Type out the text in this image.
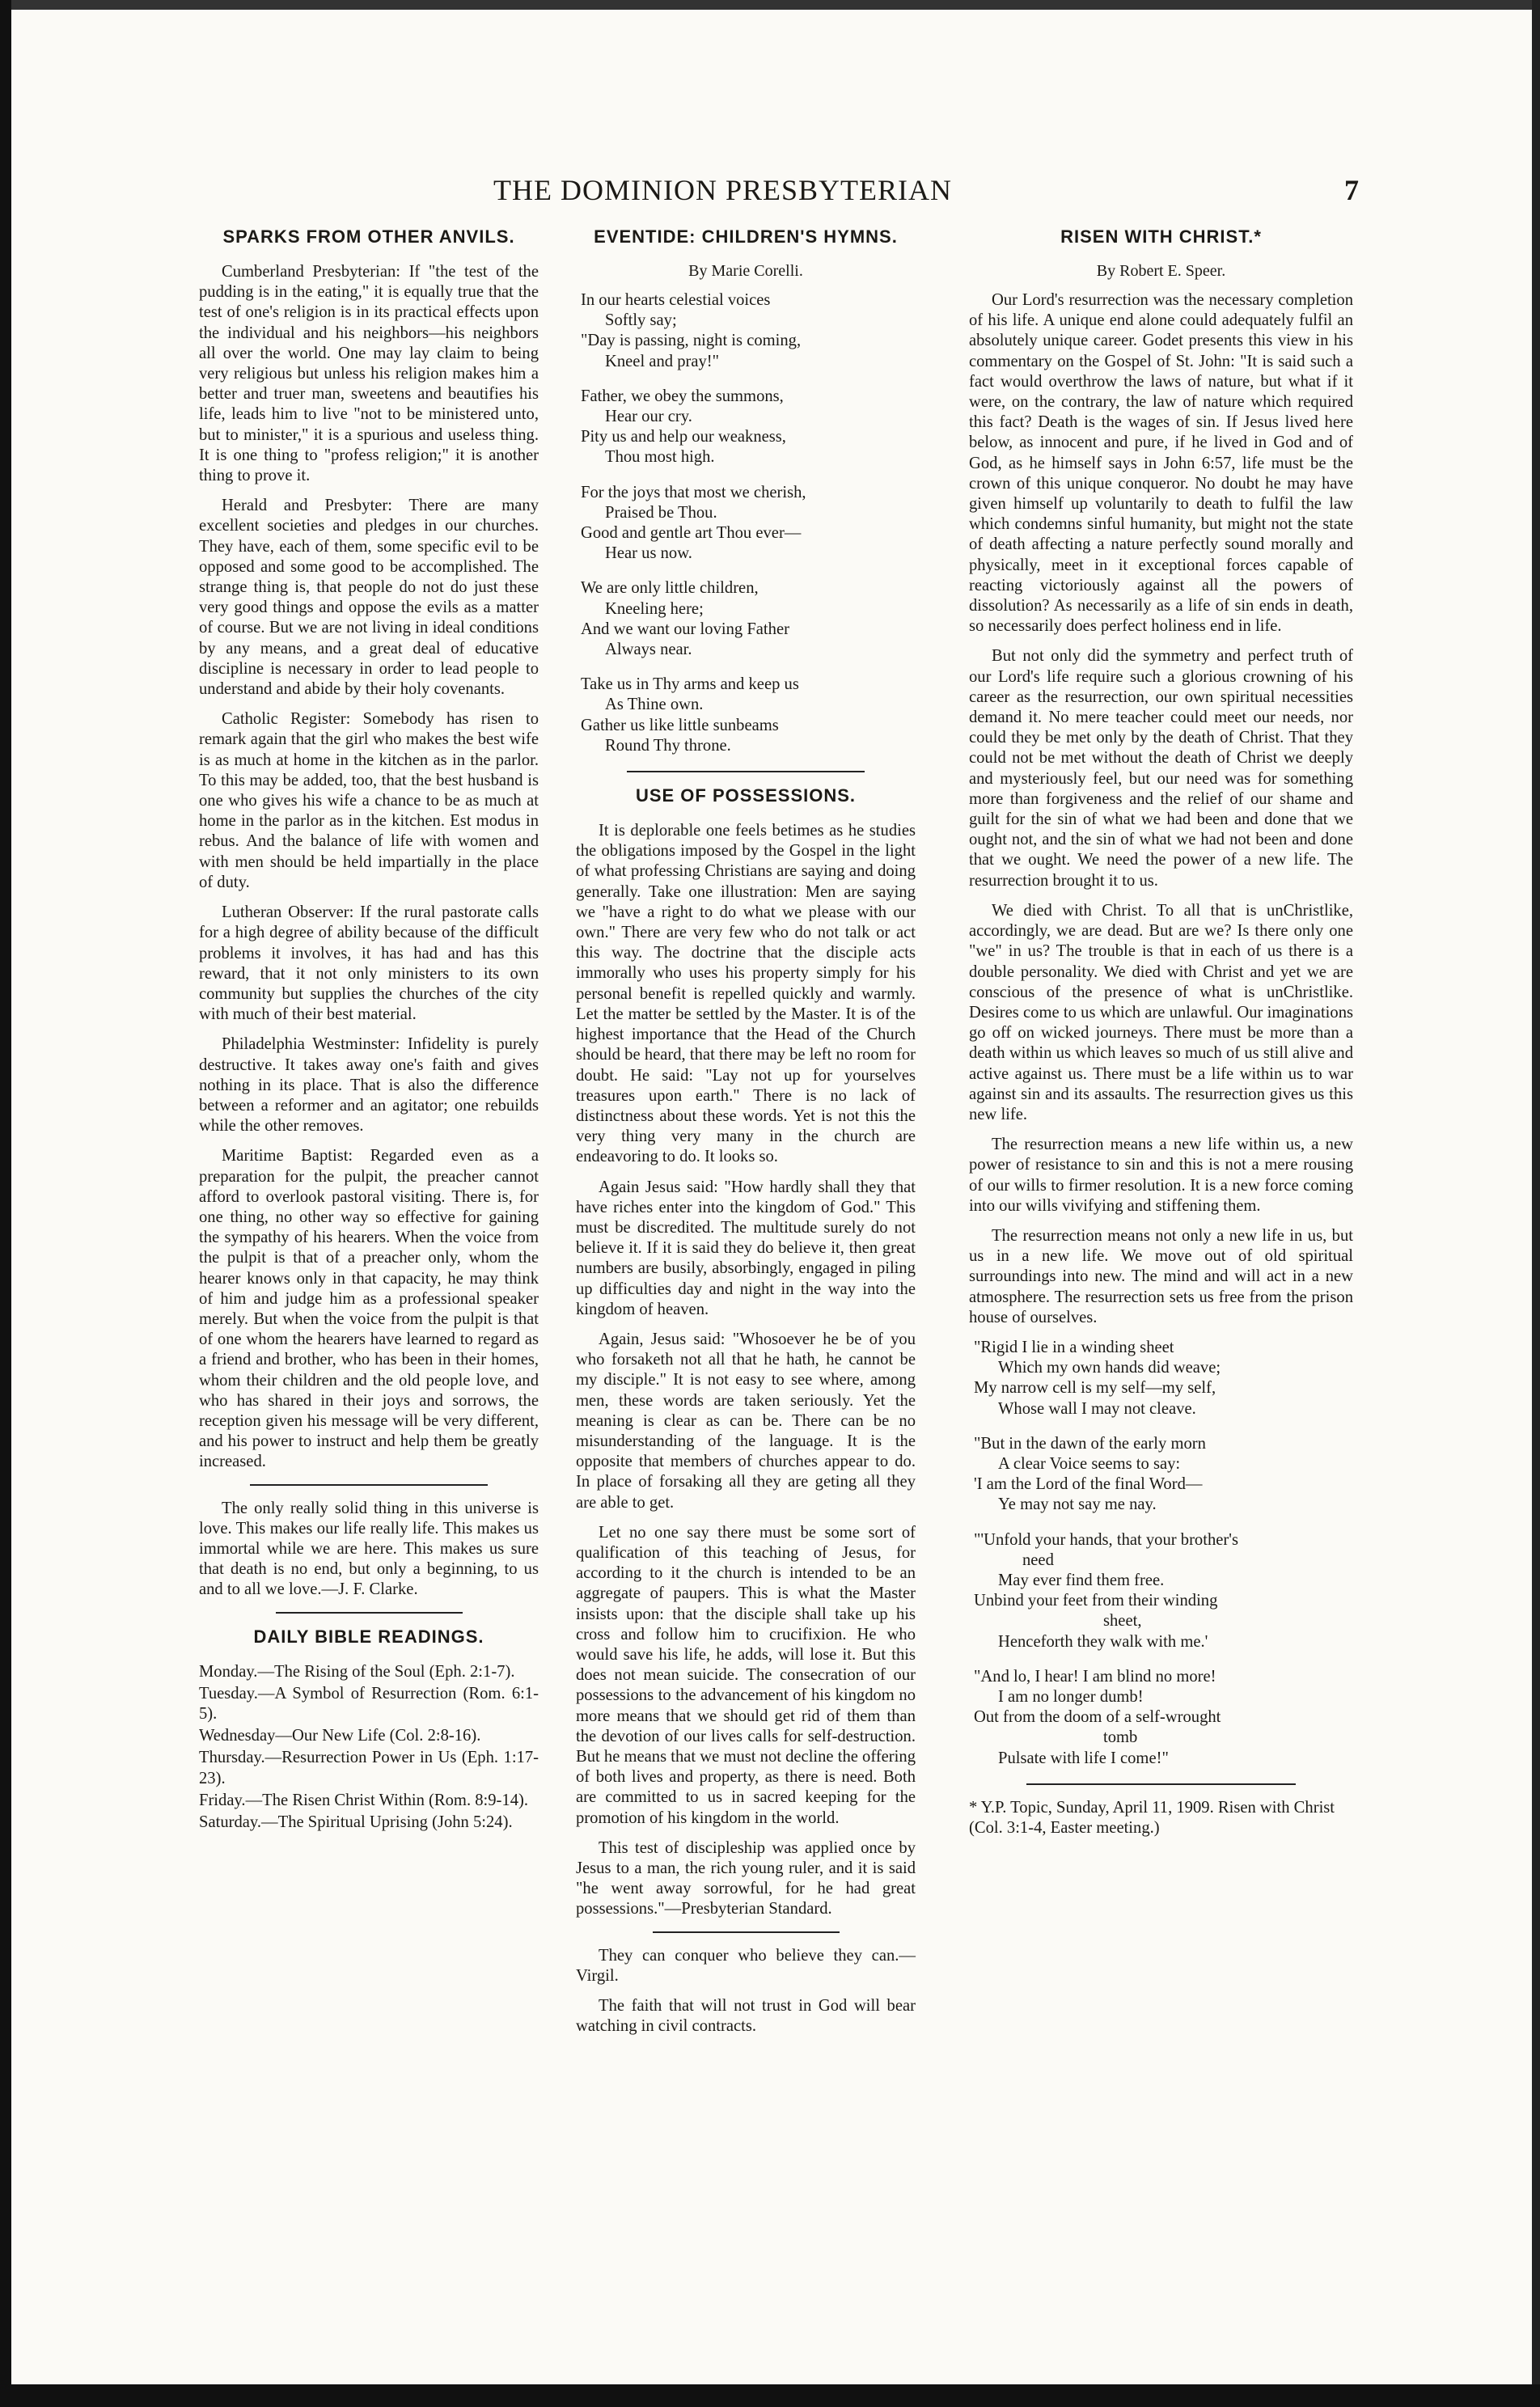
THE DOMINION PRESBYTERIAN	7
SPARKS FROM OTHER ANVILS.

Cumberland Presbyterian: If "the test of the pudding is in the eating," it is equally true that the test of one's religion is in its practical effects upon the individual and his neighbors—his neighbors all over the world. One may lay claim to being very religious but unless his religion makes him a better and truer man, sweetens and beautifies his life, leads him to live "not to be ministered unto, but to minister," it is a spurious and useless thing. It is one thing to "profess religion;" it is another thing to prove it.

Herald and Presbyter: There are many excellent societies and pledges in our churches. They have, each of them, some specific evil to be opposed and some good to be accomplished. The strange thing is, that people do not do just these very good things and oppose the evils as a matter of course. But we are not living in ideal conditions by any means, and a great deal of educative discipline is necessary in order to lead people to understand and abide by their holy covenants.

Catholic Register: Somebody has risen to remark again that the girl who makes the best wife is as much at home in the kitchen as in the parlor. To this may be added, too, that the best husband is one who gives his wife a chance to be as much at home in the parlor as in the kitchen. Est modus in rebus. And the balance of life with women and with men should be held impartially in the place of duty.

Lutheran Observer: If the rural pastorate calls for a high degree of ability because of the difficult problems it involves, it has had and has this reward, that it not only ministers to its own community but supplies the churches of the city with much of their best material.

Philadelphia Westminster: Infidelity is purely destructive. It takes away one's faith and gives nothing in its place. That is also the difference between a reformer and an agitator; one rebuilds while the other removes.

Maritime Baptist: Regarded even as a preparation for the pulpit, the preacher cannot afford to overlook pastoral visiting. There is, for one thing, no other way so effective for gaining the sympathy of his hearers. When the voice from the pulpit is that of a preacher only, whom the hearer knows only in that capacity, he may think of him and judge him as a professional speaker merely. But when the voice from the pulpit is that of one whom the hearers have learned to regard as a friend and brother, who has been in their homes, whom their children and the old people love, and who has shared in their joys and sorrows, the reception given his message will be very different, and his power to instruct and help them be greatly increased.

The only really solid thing in this universe is love. This makes our life really life. This makes us immortal while we are here. This makes us sure that death is no end, but only a beginning, to us and to all we love.—J. F. Clarke.

DAILY BIBLE READINGS.
Monday.—The Rising of the Soul (Eph. 2:1-7).
Tuesday.—A Symbol of Resurrection (Rom. 6:1-5).
Wednesday—Our New Life (Col. 2:8-16).
Thursday.—Resurrection Power in Us (Eph. 1:17-23).
Friday.—The Risen Christ Within (Rom. 8:9-14).
Saturday.—The Spiritual Uprising (John 5:24).
EVENTIDE: CHILDREN'S HYMNS.
By Marie Corelli.
In our hearts celestial voices
Softly say;
"Day is passing, night is coming,
Kneel and pray!"
Father, we obey the summons,
Hear our cry.
Pity us and help our weakness,
Thou most high.
For the joys that most we cherish,
Praised be Thou.
Good and gentle art Thou ever—
Hear us now.
We are only little children,
Kneeling here;
And we want our loving Father
Always near.
Take us in Thy arms and keep us
As Thine own.
Gather us like little sunbeams
Round Thy throne.
USE OF POSSESSIONS.

It is deplorable one feels betimes as he studies the obligations imposed by the Gospel in the light of what professing Christians are saying and doing generally. Take one illustration: Men are saying we "have a right to do what we please with our own." There are very few who do not talk or act this way. The doctrine that the disciple acts immorally who uses his property simply for his personal benefit is repelled quickly and warmly. Let the matter be settled by the Master. It is of the highest importance that the Head of the Church should be heard, that there may be left no room for doubt. He said: "Lay not up for yourselves treasures upon earth." There is no lack of distinctness about these words. Yet is not this the very thing very many in the church are endeavoring to do. It looks so.

Again Jesus said: "How hardly shall they that have riches enter into the kingdom of God." This must be discredited. The multitude surely do not believe it. If it is said they do believe it, then great numbers are busily, absorbingly, engaged in piling up difficulties day and night in the way into the kingdom of heaven.

Again, Jesus said: "Whosoever he be of you who forsaketh not all that he hath, he cannot be my disciple." It is not easy to see where, among men, these words are taken seriously. Yet the meaning is clear as can be. There can be no misunderstanding of the language. It is the opposite that members of churches appear to do. In place of forsaking all they are geting all they are able to get.

Let no one say there must be some sort of qualification of this teaching of Jesus, for according to it the church is intended to be an aggregate of paupers. This is what the Master insists upon: that the disciple shall take up his cross and follow him to crucifixion. He who would save his life, he adds, will lose it. But this does not mean suicide. The consecration of our possessions to the advancement of his kingdom no more means that we should get rid of them than the devotion of our lives calls for self-destruction. But he means that we must not decline the offering of both lives and property, as there is need. Both are committed to us in sacred keeping for the promotion of his kingdom in the world.

This test of discipleship was applied once by Jesus to a man, the rich young ruler, and it is said "he went away sorrowful, for he had great possessions."—Presbyterian Standard.

They can conquer who believe they can.—Virgil.

The faith that will not trust in God will bear watching in civil contracts.

RISEN WITH CHRIST.*
By Robert E. Speer.

Our Lord's resurrection was the necessary completion of his life. A unique end alone could adequately fulfil an absolutely unique career. Godet presents this view in his commentary on the Gospel of St. John: "It is said such a fact would overthrow the laws of nature, but what if it were, on the contrary, the law of nature which required this fact? Death is the wages of sin. If Jesus lived here below, as innocent and pure, if he lived in God and of God, as he himself says in John 6:57, life must be the crown of this unique conqueror. No doubt he may have given himself up voluntarily to death to fulfil the law which condemns sinful humanity, but might not the state of death affecting a nature perfectly sound morally and physically, meet in it exceptional forces capable of reacting victoriously against all the powers of dissolution? As necessarily as a life of sin ends in death, so necessarily does perfect holiness end in life.

But not only did the symmetry and perfect truth of our Lord's life require such a glorious crowning of his career as the resurrection, our own spiritual necessities demand it. No mere teacher could meet our needs, nor could they be met only by the death of Christ. That they could not be met without the death of Christ we deeply and mysteriously feel, but our need was for something more than forgiveness and the relief of our shame and guilt for the sin of what we had been and done that we ought not, and the sin of what we had not been and done that we ought. We need the power of a new life. The resurrection brought it to us.

We died with Christ. To all that is unChristlike, accordingly, we are dead. But are we? Is there only one "we" in us? The trouble is that in each of us there is a double personality. We died with Christ and yet we are conscious of the presence of what is unChristlike. Desires come to us which are unlawful. Our imaginations go off on wicked journeys. There must be more than a death within us which leaves so much of us still alive and active against us. There must be a life within us to war against sin and its assaults. The resurrection gives us this new life.

The resurrection means a new life within us, a new power of resistance to sin and this is not a mere rousing of our wills to firmer resolution. It is a new force coming into our wills vivifying and stiffening them.

The resurrection means not only a new life in us, but us in a new life. We move out of old spiritual surroundings into new. The mind and will act in a new atmosphere. The resurrection sets us free from the prison house of ourselves.

"Rigid I lie in a winding sheet
Which my own hands did weave;
My narrow cell is my self—my self,
Whose wall I may not cleave.
"But in the dawn of the early morn
A clear Voice seems to say:
'I am the Lord of the final Word—
Ye may not say me nay.
"'Unfold your hands, that your brother's
need
May ever find them free.
Unbind your feet from their winding
sheet,
Henceforth they walk with me.'
"And lo, I hear! I am blind no more!
I am no longer dumb!
Out from the doom of a self-wrought
tomb
Pulsate with life I come!"
* Y.P. Topic, Sunday, April 11, 1909. Risen with Christ (Col. 3:1-4, Easter meeting.)
